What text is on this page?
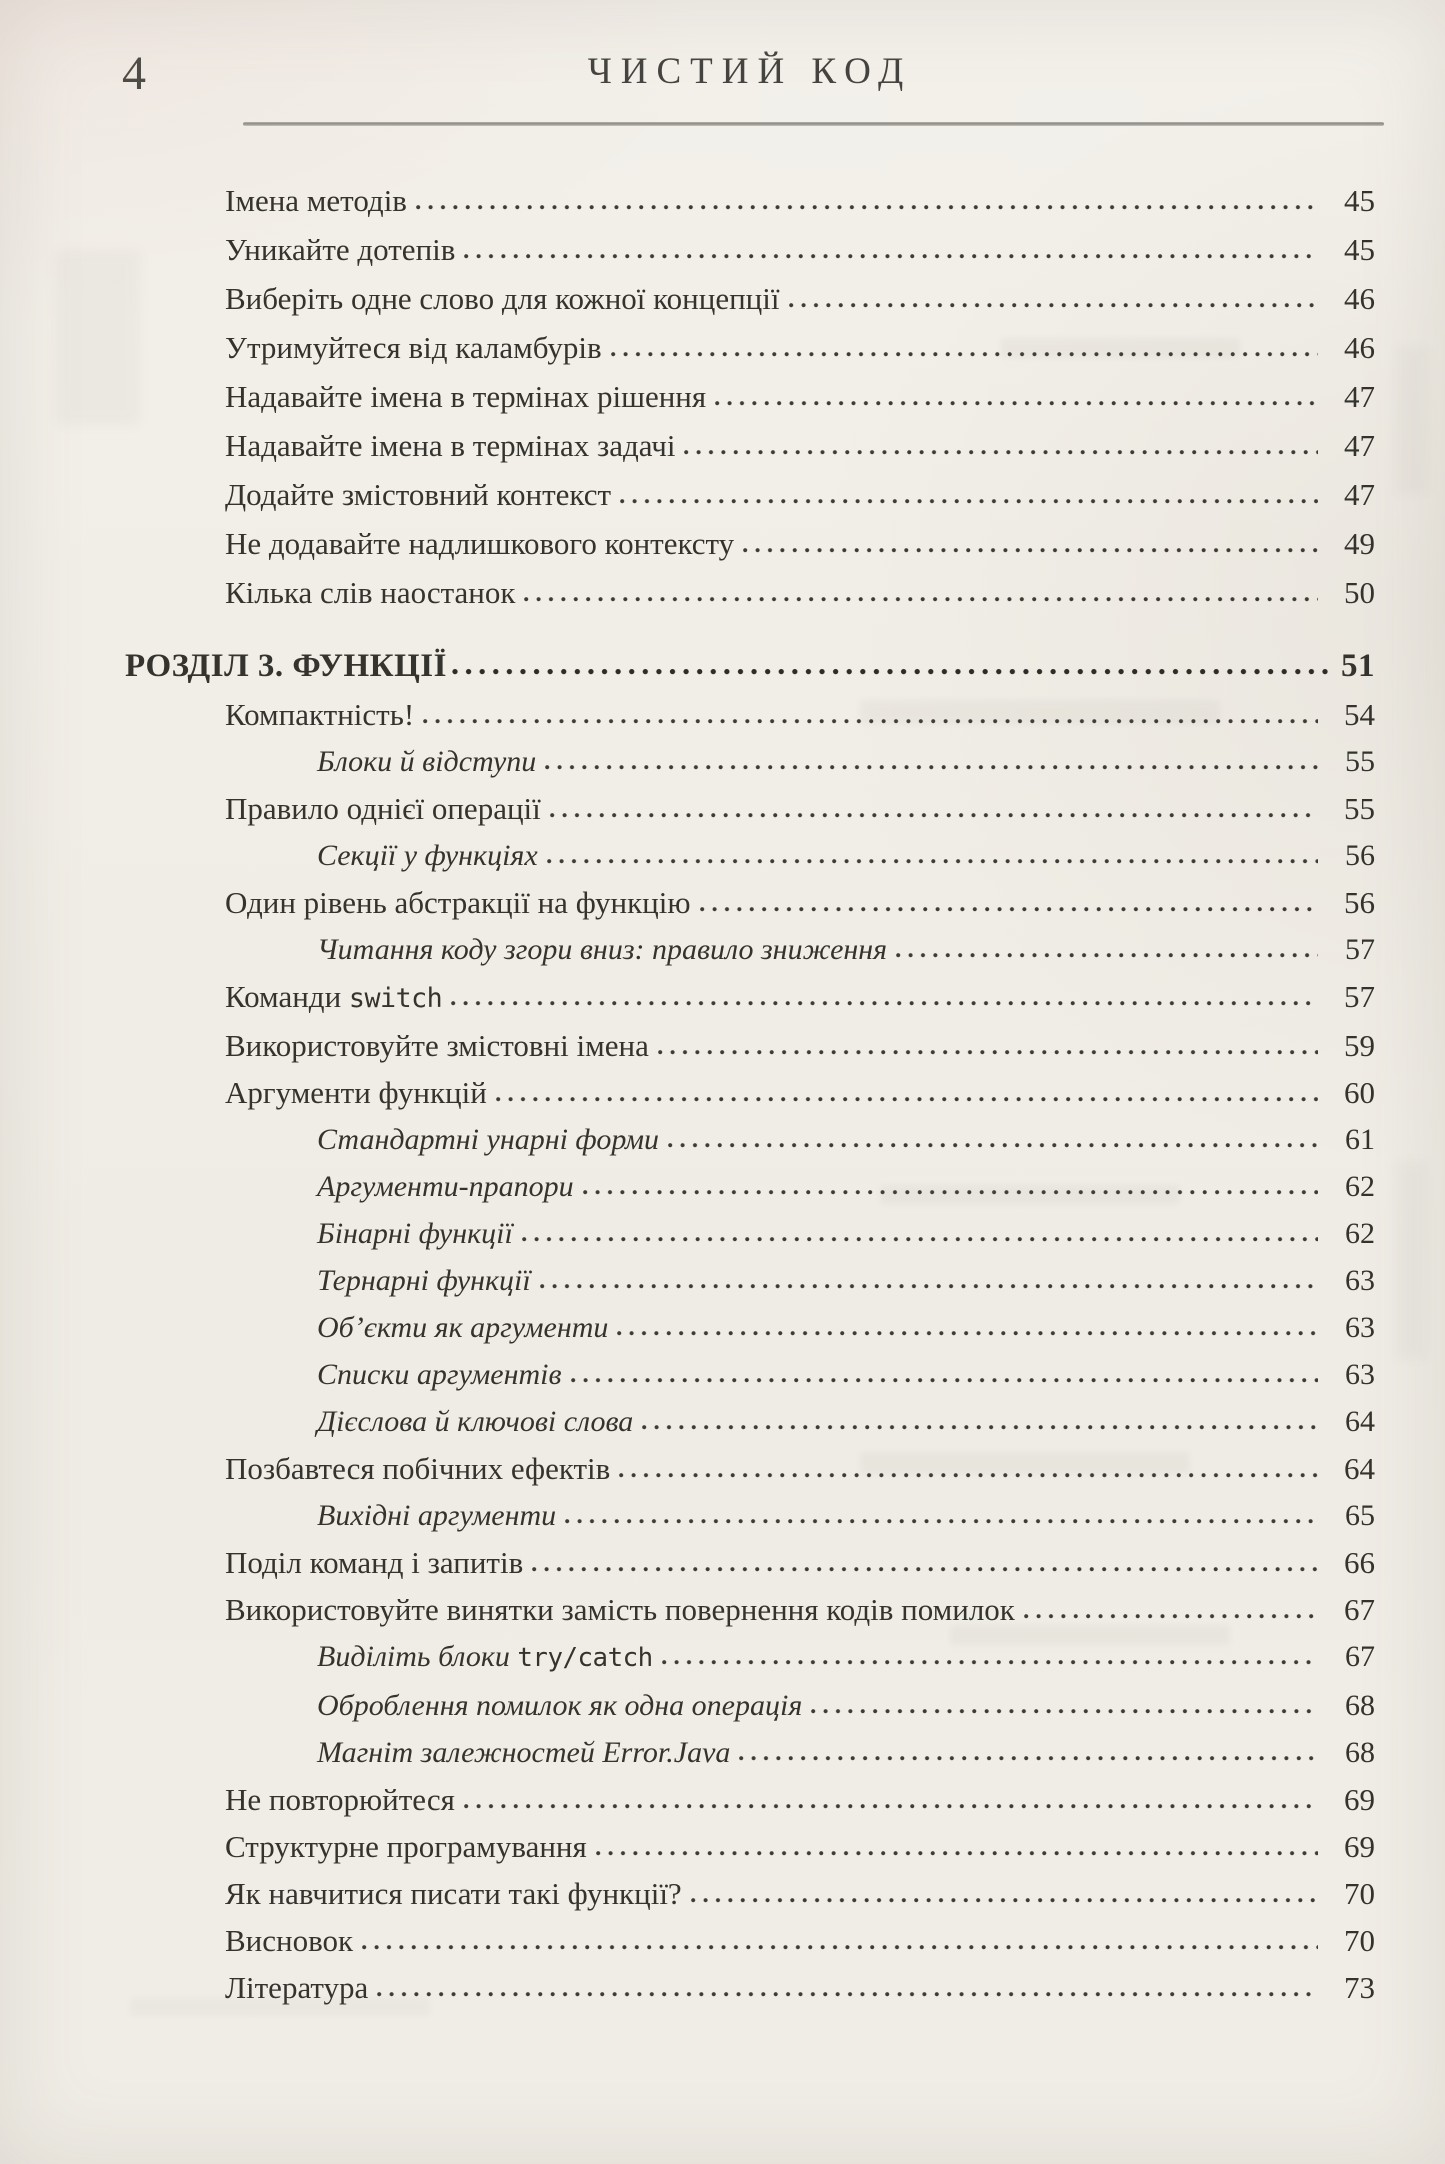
4	ЧИСТИЙ КОД
Імена методів	45
Уникайте дотепів	45
Виберіть одне слово для кожної концепції	46
Утримуйтеся від каламбурів	46
Надавайте імена в термінах рішення	47
Надавайте імена в термінах задачі	47
Додайте змістовний контекст	47
Не додавайте надлишкового контексту	49
Кілька слів наостанок	50
РОЗДІЛ 3. ФУНКЦІЇ	51
Компактність!	54
Блоки й відступи	55
Правило однієї операції	55
Секції у функціях	56
Один рівень абстракції на функцію	56
Читання коду згори вниз: правило зниження	57
Команди switch	57
Використовуйте змістовні імена	59
Аргументи функцій	60
Стандартні унарні форми	61
Аргументи-прапори	62
Бінарні функції	62
Тернарні функції	63
Об’єкти як аргументи	63
Списки аргументів	63
Дієслова й ключові слова	64
Позбавтеся побічних ефектів	64
Вихідні аргументи	65
Поділ команд і запитів	66
Використовуйте винятки замість повернення кодів помилок	67
Виділіть блоки try/catch	67
Оброблення помилок як одна операція	68
Магніт залежностей Error.Java	68
Не повторюйтеся	69
Структурне програмування	69
Як навчитися писати такі функції?	70
Висновок	70
Література	73
